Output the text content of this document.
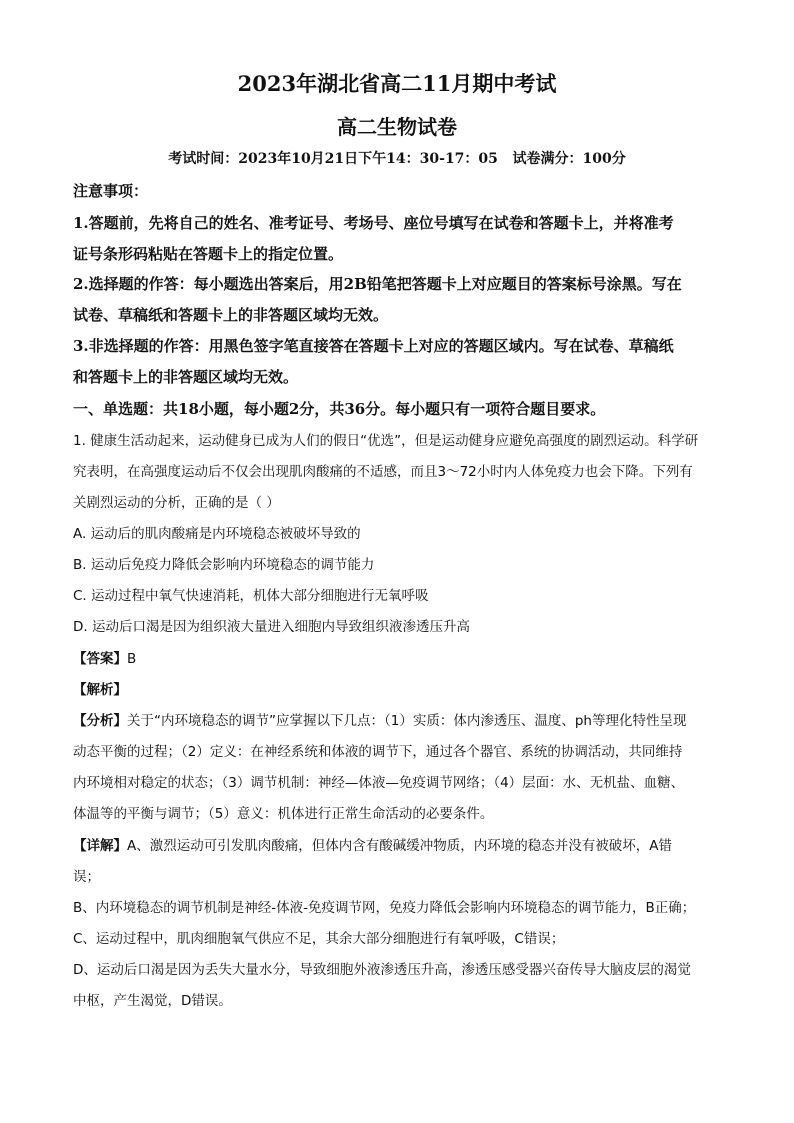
2023年湖北省高二11月期中考试
高二生物试卷
考试时间：2023年10月21日下午14：30-17：05   试卷满分：100分
注意事项：
1.答题前，先将自己的姓名、准考证号、考场号、座位号填写在试卷和答题卡上，并将准考
证号条形码粘贴在答题卡上的指定位置。
2.选择题的作答：每小题选出答案后，用2B铅笔把答题卡上对应题目的答案标号涂黑。写在
试卷、草稿纸和答题卡上的非答题区域均无效。
3.非选择题的作答：用黑色签字笔直接答在答题卡上对应的答题区域内。写在试卷、草稿纸
和答题卡上的非答题区域均无效。
一、单选题：共18小题，每小题2分，共36分。每小题只有一项符合题目要求。
1. 健康生活动起来，运动健身已成为人们的假日“优选”，但是运动健身应避免高强度的剧烈运动。科学研
究表明，在高强度运动后不仅会出现肌肉酸痛的不适感，而且3～72小时内人体免疫力也会下降。下列有
关剧烈运动的分析，正确的是（ ）
A. 运动后的肌肉酸痛是内环境稳态被破坏导致的
B. 运动后免疫力降低会影响内环境稳态的调节能力
C. 运动过程中氧气快速消耗，机体大部分细胞进行无氧呼吸
D. 运动后口渴是因为组织液大量进入细胞内导致组织液渗透压升高
【答案】B
【解析】
【分析】关于“内环境稳态的调节”应掌握以下几点：（1）实质：体内渗透压、温度、ph等理化特性呈现
动态平衡的过程；（2）定义：在神经系统和体液的调节下，通过各个器官、系统的协调活动，共同维持
内环境相对稳定的状态；（3）调节机制：神经—体液—免疫调节网络；（4）层面：水、无机盐、血糖、
体温等的平衡与调节；（5）意义：机体进行正常生命活动的必要条件。
【详解】A、激烈运动可引发肌肉酸痛，但体内含有酸碱缓冲物质，内环境的稳态并没有被破坏，A错
误；
B、内环境稳态的调节机制是神经-体液-免疫调节网，免疫力降低会影响内环境稳态的调节能力，B正确；
C、运动过程中，肌肉细胞氧气供应不足，其余大部分细胞进行有氧呼吸，C错误；
D、运动后口渴是因为丢失大量水分，导致细胞外液渗透压升高，渗透压感受器兴奋传导大脑皮层的渴觉
中枢，产生渴觉，D错误。
